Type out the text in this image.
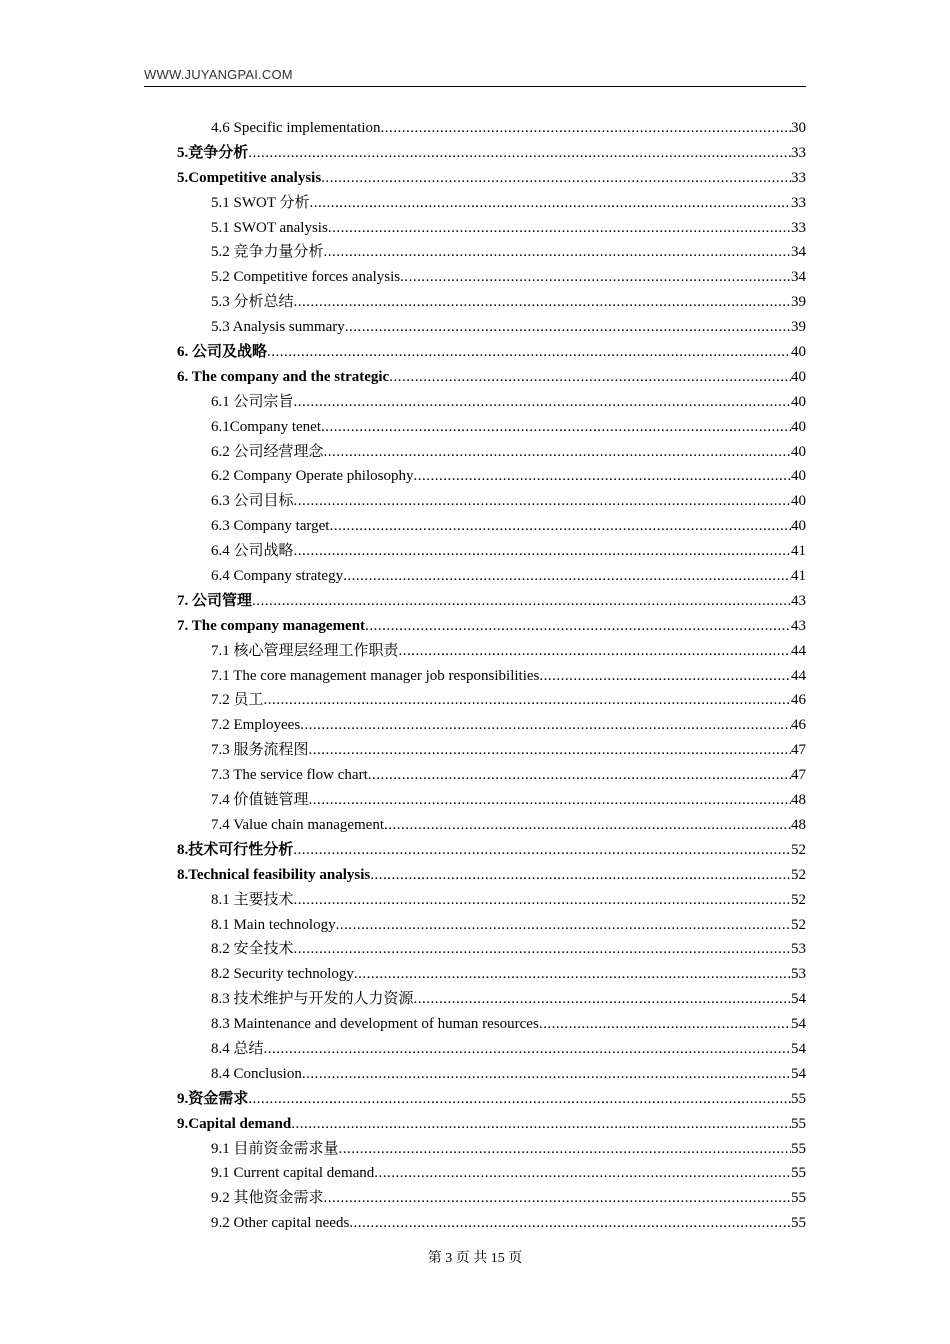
WWW.JUYANGPAI.COM
4.6 Specific implementation .....	30
5.竞争分析 .....	33
5.Competitive analysis .....	33
5.1 SWOT 分析 .....	33
5.1 SWOT analysis .....	33
5.2 竞争力量分析 .....	34
5.2 Competitive forces analysis .....	34
5.3 分析总结 .....	39
5.3 Analysis summary .....	39
6. 公司及战略 .....	40
6. The company and the strategic .....	40
6.1 公司宗旨 .....	40
6.1Company tenet .....	40
6.2 公司经营理念 .....	40
6.2 Company Operate philosophy .....	40
6.3 公司目标 .....	40
6.3 Company target .....	40
6.4 公司战略 .....	41
6.4 Company strategy .....	41
7. 公司管理 .....	43
7. The company management .....	43
7.1 核心管理层经理工作职责 .....	44
7.1 The core management manager job responsibilities .....	44
7.2 员工 .....	46
7.2 Employees .....	46
7.3 服务流程图 .....	47
7.3 The service flow chart .....	47
7.4 价值链管理 .....	48
7.4 Value chain management .....	48
8.技术可行性分析 .....	52
8.Technical feasibility analysis .....	52
8.1 主要技术 .....	52
8.1 Main technology .....	52
8.2 安全技术 .....	53
8.2 Security technology .....	53
8.3 技术维护与开发的人力资源 .....	54
8.3 Maintenance and development of human resources .....	54
8.4 总结 .....	54
8.4 Conclusion .....	54
9.资金需求 .....	55
9.Capital demand .....	55
9.1 目前资金需求量 .....	55
9.1 Current capital demand .....	55
9.2 其他资金需求 .....	55
9.2 Other capital needs .....	55
第 3 页 共 15 页
